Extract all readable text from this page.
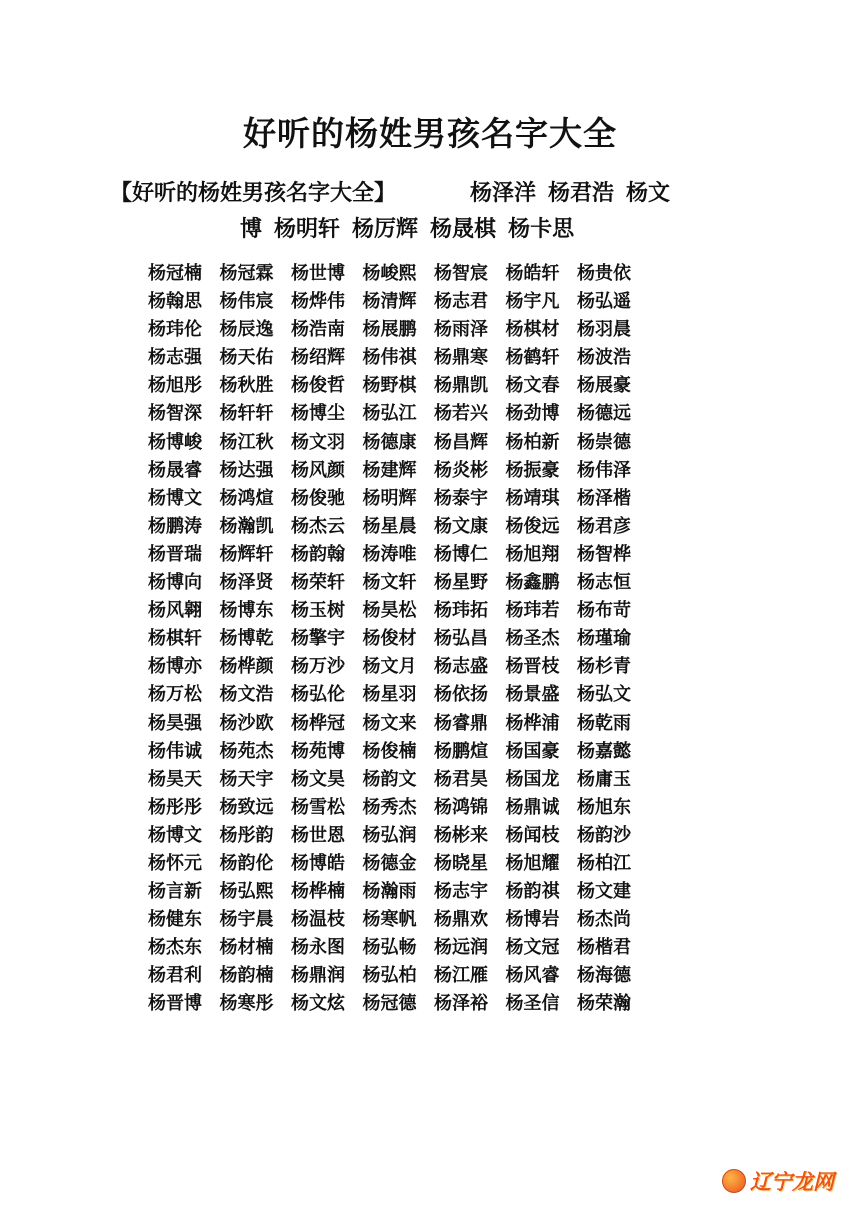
好听的杨姓男孩名字大全
【好听的杨姓男孩名字大全】	杨泽洋 杨君浩 杨文
博 杨明轩 杨厉辉 杨晟棋 杨卡思
杨冠楠 杨冠霖 杨世博 杨峻熙 杨智宸 杨皓轩 杨贵依
杨翰思 杨伟宸 杨烨伟 杨清辉 杨志君 杨宇凡 杨弘遥
杨玮伦 杨辰逸 杨浩南 杨展鹏 杨雨泽 杨棋材 杨羽晨
杨志强 杨天佑 杨绍辉 杨伟祺 杨鼎寒 杨鹤轩 杨波浩
杨旭彤 杨秋胜 杨俊哲 杨野棋 杨鼎凯 杨文春 杨展豪
杨智深 杨轩轩 杨博尘 杨弘江 杨若兴 杨劲博 杨德远
杨博峻 杨江秋 杨文羽 杨德康 杨昌辉 杨柏新 杨崇德
杨晟睿 杨达强 杨风颜 杨建辉 杨炎彬 杨振豪 杨伟泽
杨博文 杨鸿煊 杨俊驰 杨明辉 杨泰宇 杨靖琪 杨泽楷
杨鹏涛 杨瀚凯 杨杰云 杨星晨 杨文康 杨俊远 杨君彦
杨晋瑞 杨辉轩 杨韵翰 杨涛唯 杨博仁 杨旭翔 杨智桦
杨博向 杨泽贤 杨荣轩 杨文轩 杨星野 杨鑫鹏 杨志恒
杨风翱 杨博东 杨玉树 杨昊松 杨玮拓 杨玮若 杨布苛
杨棋轩 杨博乾 杨擎宇 杨俊材 杨弘昌 杨圣杰 杨瑾瑜
杨博亦 杨桦颜 杨万沙 杨文月 杨志盛 杨晋枝 杨杉青
杨万松 杨文浩 杨弘伦 杨星羽 杨依扬 杨景盛 杨弘文
杨昊强 杨沙欧 杨桦冠 杨文来 杨睿鼎 杨桦浦 杨乾雨
杨伟诚 杨苑杰 杨苑博 杨俊楠 杨鹏煊 杨国豪 杨嘉懿
杨昊天 杨天宇 杨文昊 杨韵文 杨君昊 杨国龙 杨庸玉
杨彤彤 杨致远 杨雪松 杨秀杰 杨鸿锦 杨鼎诚 杨旭东
杨博文 杨彤韵 杨世恩 杨弘润 杨彬来 杨闻枝 杨韵沙
杨怀元 杨韵伦 杨博皓 杨德金 杨晓星 杨旭耀 杨柏江
杨言新 杨弘熙 杨桦楠 杨瀚雨 杨志宇 杨韵祺 杨文建
杨健东 杨宇晨 杨温枝 杨寒帆 杨鼎欢 杨博岩 杨杰尚
杨杰东 杨材楠 杨永图 杨弘畅 杨远润 杨文冠 杨楷君
杨君利 杨韵楠 杨鼎润 杨弘柏 杨江雁 杨风睿 杨海德
杨晋博 杨寒彤 杨文炫 杨冠德 杨泽裕 杨圣信 杨荣瀚
辽宁龙网
